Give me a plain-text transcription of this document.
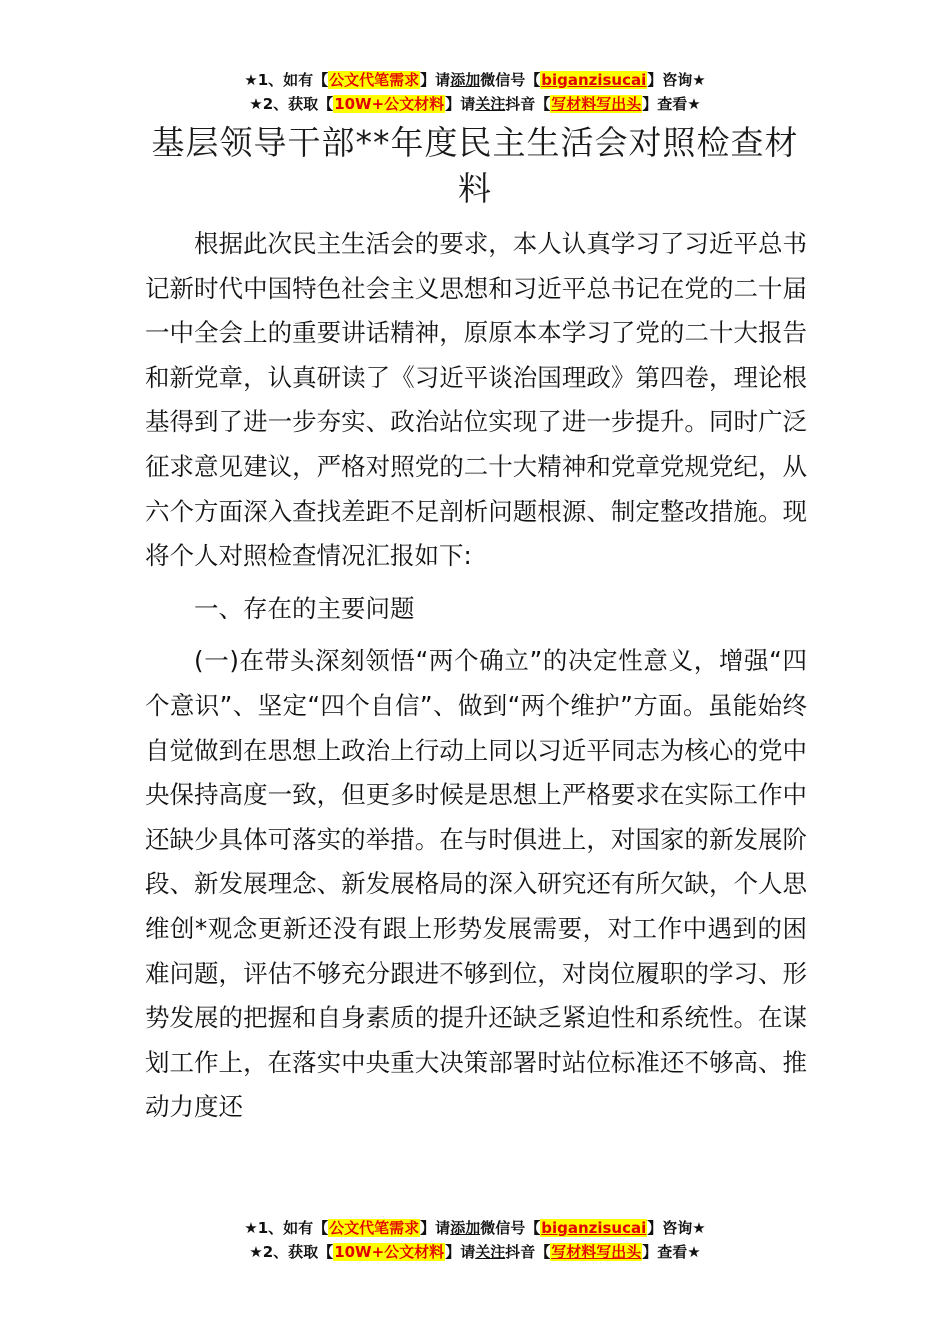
★1、如有【公文代笔需求】请添加微信号【biganzisucai】咨询★
★2、获取【10W+公文材料】请关注抖音【写材料写出头】查看★
基层领导干部**年度民主生活会对照检查材料

根据此次民主生活会的要求，本人认真学习了习近平总书记新时代中国特色社会主义思想和习近平总书记在党的二十届一中全会上的重要讲话精神，原原本本学习了党的二十大报告和新党章，认真研读了《习近平谈治国理政》第四卷，理论根基得到了进一步夯实、政治站位实现了进一步提升。同时广泛征求意见建议，严格对照党的二十大精神和党章党规党纪，从六个方面深入查找差距不足剖析问题根源、制定整改措施。现将个人对照检查情况汇报如下:

一、存在的主要问题

(一)在带头深刻领悟“两个确立”的决定性意义，增强“四个意识”、坚定“四个自信”、做到“两个维护”方面。虽能始终自觉做到在思想上政治上行动上同以习近平同志为核心的党中央保持高度一致，但更多时候是思想上严格要求在实际工作中还缺少具体可落实的举措。在与时俱进上，对国家的新发展阶段、新发展理念、新发展格局的深入研究还有所欠缺，个人思维创*观念更新还没有跟上形势发展需要，对工作中遇到的困难问题，评估不够充分跟进不够到位，对岗位履职的学习、形势发展的把握和自身素质的提升还缺乏紧迫性和系统性。在谋划工作上，在落实中央重大决策部署时站位标准还不够高、推动力度还

★1、如有【公文代笔需求】请添加微信号【biganzisucai】咨询★
★2、获取【10W+公文材料】请关注抖音【写材料写出头】查看★
